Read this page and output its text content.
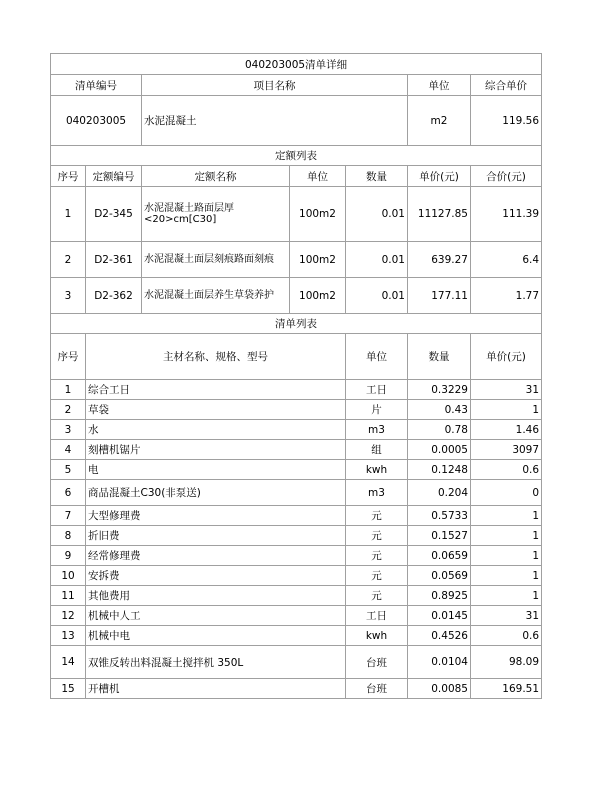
040203005清单详细							
清单编号		项目名称			单位	综合单价	
040203005		水泥混凝土			m2	119.56	
定额列表							
序号	定额编号	定额名称	单位	数量	单价(元)	合价(元)	
1	D2-345	水泥混凝土路面层厚<20>cm[C30]	100m2	0.01	11127.85	111.39	
2	D2-361	水泥混凝土面层刻痕路面刻痕	100m2	0.01	639.27	6.4	
3	D2-362	水泥混凝土面层养生草袋养护	100m2	0.01	177.11	1.77	
清单列表							
序号	主材名称、规格、型号			单位	数量	单价(元)	
1	综合工日			工日	0.3229	31	
2	草袋			片	0.43	1	
3	水			m3	0.78	1.46	
4	刻槽机锯片			组	0.0005	3097	
5	电			kwh	0.1248	0.6	
6	商品混凝土C30(非泵送)			m3	0.204	0	
7	大型修理费			元	0.5733	1	
8	折旧费			元	0.1527	1	
9	经常修理费			元	0.0659	1	
10	安拆费			元	0.0569	1	
11	其他费用			元	0.8925	1	
12	机械中人工			工日	0.0145	31	
13	机械中电			kwh	0.4526	0.6	
14	双锥反转出料混凝土搅拌机 350L			台班	0.0104	98.09	
15	开槽机			台班	0.0085	169.51	
